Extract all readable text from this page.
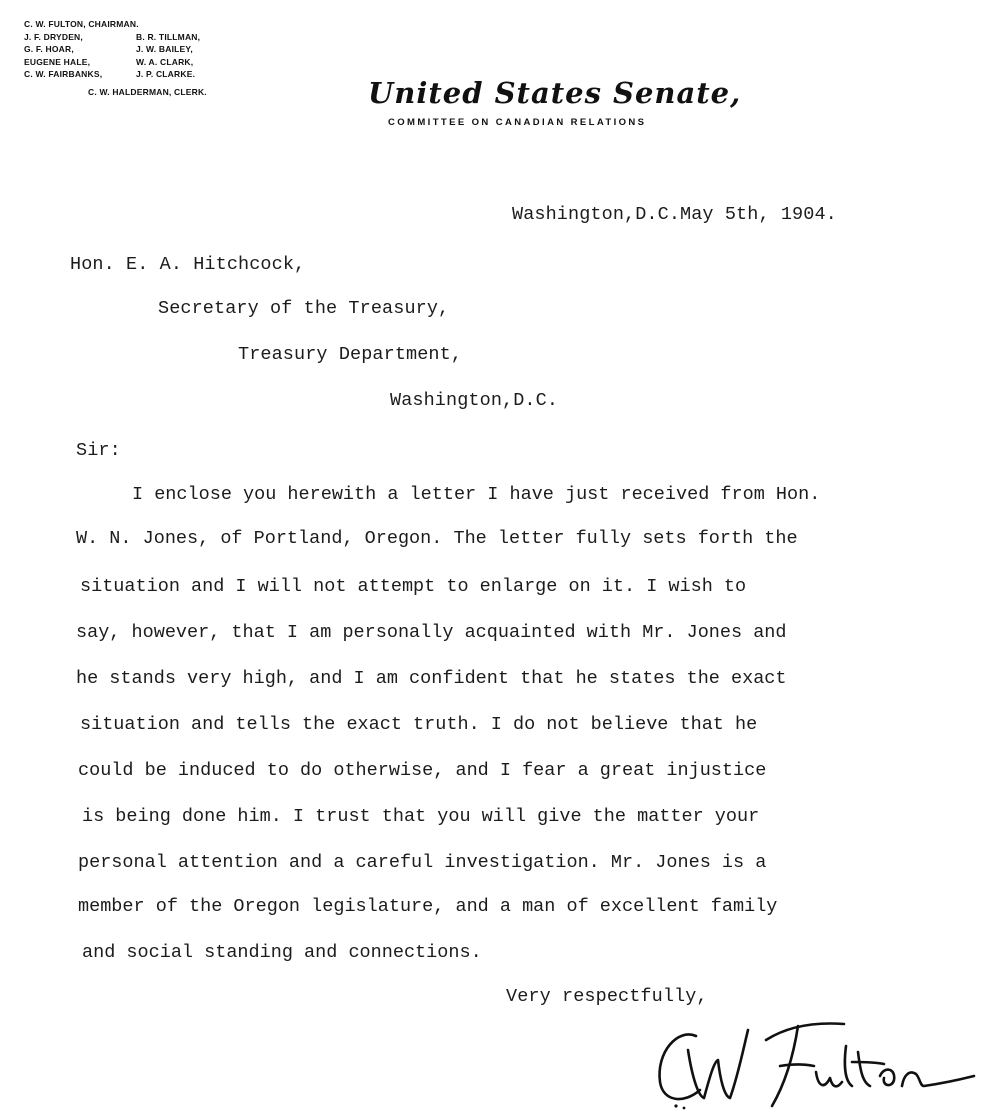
C. W. FULTON, CHAIRMAN.
J. F. DRYDEN,	B. R. TILLMAN,
G. F. HOAR,	J. W. BAILEY,
EUGENE HALE,	W. A. CLARK,
C. W. FAIRBANKS,	J. P. CLARKE.
C. W. HALDERMAN, CLERK.	United States Senate,
COMMITTEE ON CANADIAN RELATIONS
Washington,D.C.May 5th, 1904.
Hon. E. A. Hitchcock,
Secretary of the Treasury,
Treasury Department,
Washington,D.C.
Sir:
I enclose you herewith a letter I have just received from Hon.
W. N. Jones, of Portland, Oregon. The letter fully sets forth the
situation and I will not attempt to enlarge on it. I wish to
say, however, that I am personally acquainted with Mr. Jones and
he stands very high, and I am confident that he states the exact
situation and tells the exact truth. I do not believe that he
could be induced to do otherwise, and I fear a great injustice
is being done him. I trust that you will give the matter your
personal attention and a careful investigation. Mr. Jones is a
member of the Oregon legislature, and a man of excellent family
and social standing and connections.
Very respectfully,
